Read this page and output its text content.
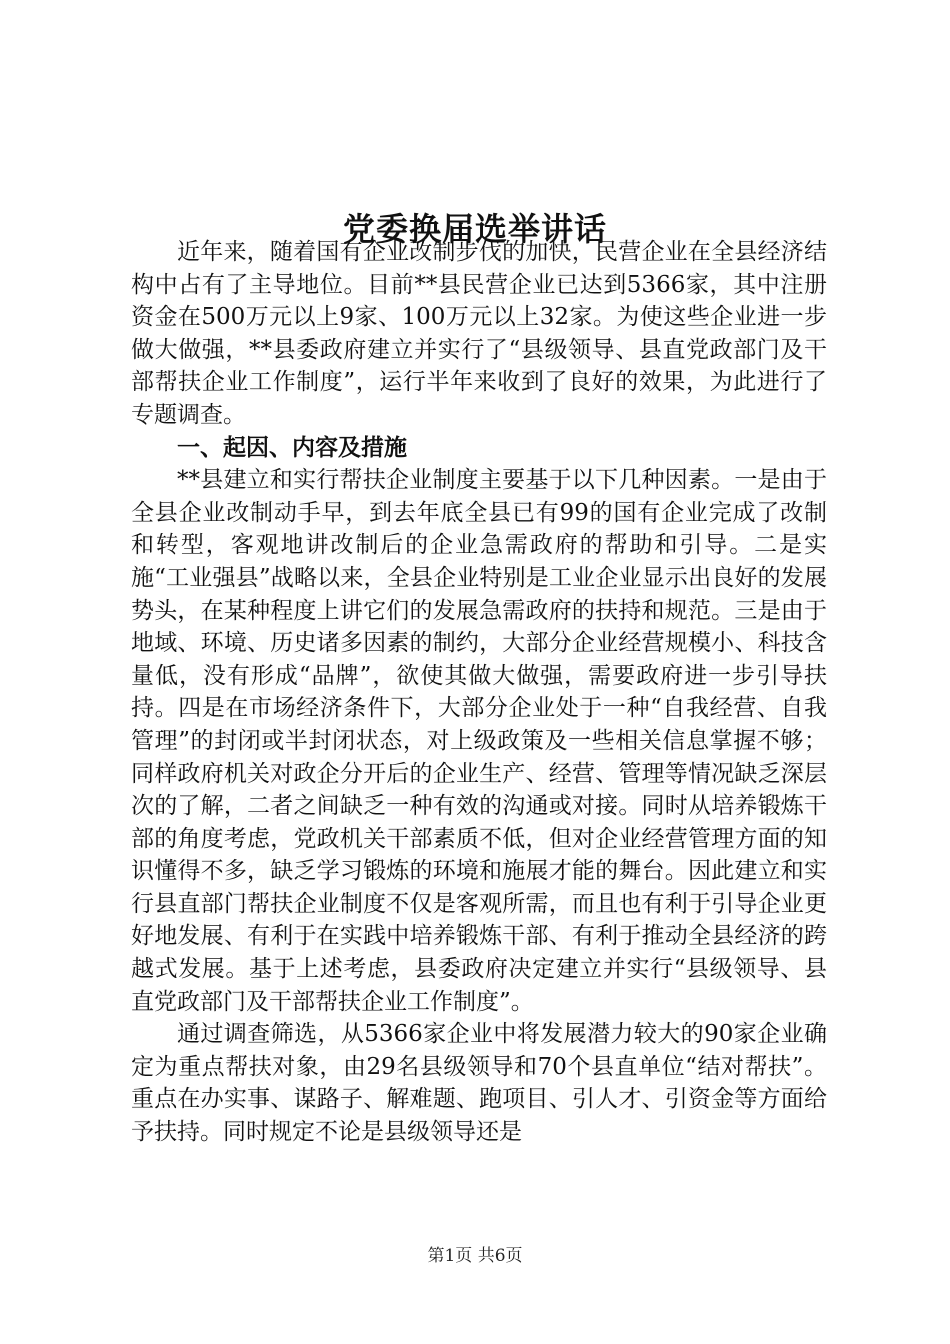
党委换届选举讲话

近年来，随着国有企业改制步伐的加快，民营企业在全县经济结构中占有了主导地位。目前**县民营企业已达到5366家，其中注册资金在500万元以上9家、100万元以上32家。为使这些企业进一步做大做强，**县委政府建立并实行了“县级领导、县直党政部门及干部帮扶企业工作制度”，运行半年来收到了良好的效果，为此进行了专题调查。

一、起因、内容及措施

**县建立和实行帮扶企业制度主要基于以下几种因素。一是由于全县企业改制动手早，到去年底全县已有99的国有企业完成了改制和转型，客观地讲改制后的企业急需政府的帮助和引导。二是实施“工业强县”战略以来，全县企业特别是工业企业显示出良好的发展势头，在某种程度上讲它们的发展急需政府的扶持和规范。三是由于地域、环境、历史诸多因素的制约，大部分企业经营规模小、科技含量低，没有形成“品牌”，欲使其做大做强，需要政府进一步引导扶持。四是在市场经济条件下，大部分企业处于一种“自我经营、自我管理”的封闭或半封闭状态，对上级政策及一些相关信息掌握不够；同样政府机关对政企分开后的企业生产、经营、管理等情况缺乏深层次的了解，二者之间缺乏一种有效的沟通或对接。同时从培养锻炼干部的角度考虑，党政机关干部素质不低，但对企业经营管理方面的知识懂得不多，缺乏学习锻炼的环境和施展才能的舞台。因此建立和实行县直部门帮扶企业制度不仅是客观所需，而且也有利于引导企业更好地发展、有利于在实践中培养锻炼干部、有利于推动全县经济的跨越式发展。基于上述考虑，县委政府决定建立并实行“县级领导、县直党政部门及干部帮扶企业工作制度”。

通过调查筛选，从5366家企业中将发展潜力较大的90家企业确定为重点帮扶对象，由29名县级领导和70个县直单位“结对帮扶”。重点在办实事、谋路子、解难题、跑项目、引人才、引资金等方面给予扶持。同时规定不论是县级领导还是

第1页 共6页
